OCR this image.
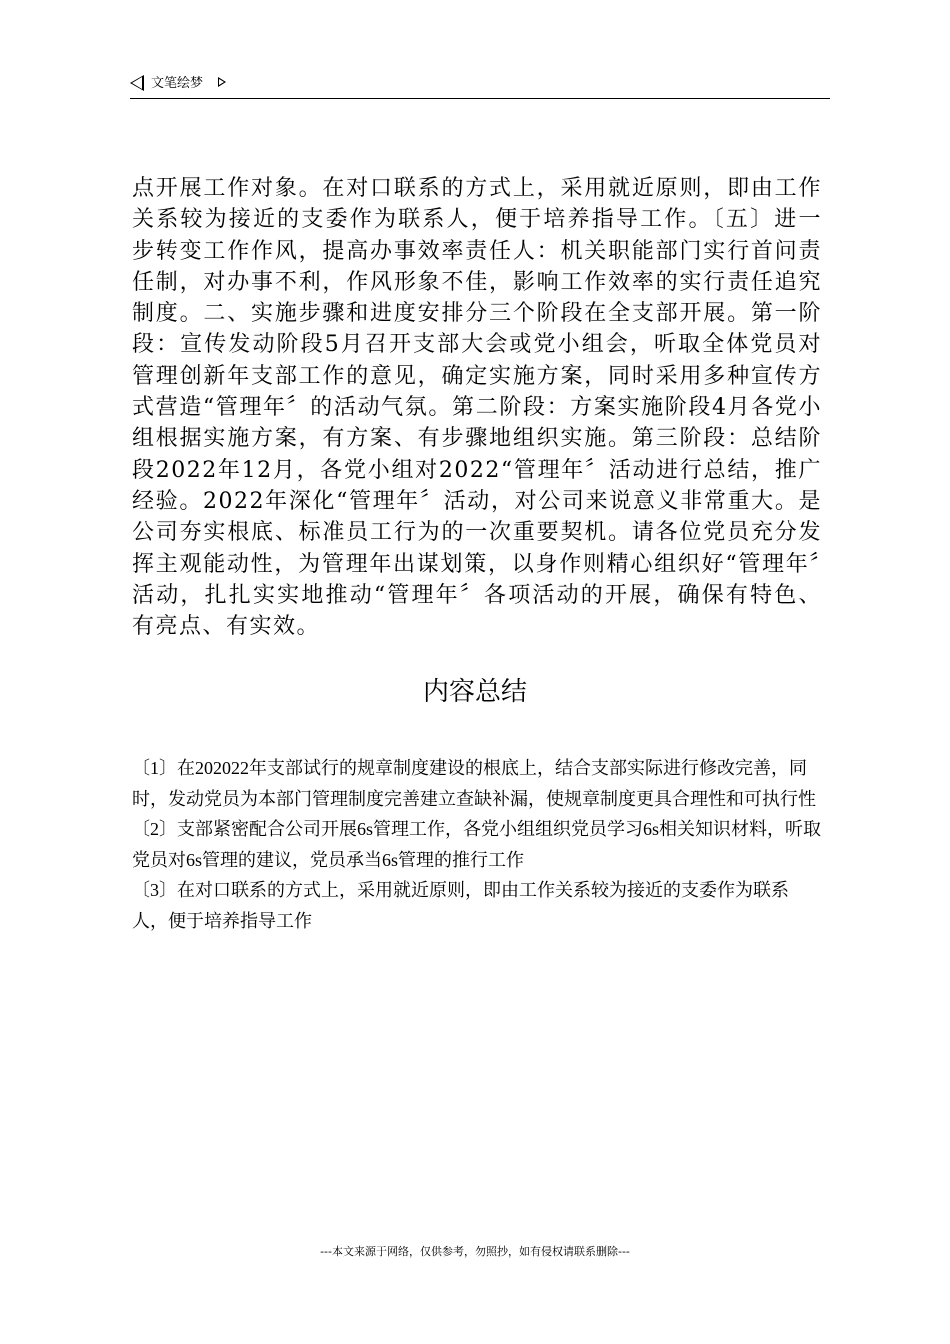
文笔绘梦

点开展工作对象。在对口联系的方式上，采用就近原则，即由工作关系较为接近的支委作为联系人，便于培养指导工作。〔五〕进一步转变工作作风，提高办事效率责任人：机关职能部门实行首问责任制，对办事不利，作风形象不佳，影响工作效率的实行责任追究制度。二、实施步骤和进度安排分三个阶段在全支部开展。第一阶段：宣传发动阶段5月召开支部大会或党小组会，听取全体党员对管理创新年支部工作的意见，确定实施方案，同时采用多种宣传方式营造“管理年〞的活动气氛。第二阶段：方案实施阶段4月各党小组根据实施方案，有方案、有步骤地组织实施。第三阶段：总结阶段2022年12月，各党小组对2022“管理年〞活动进行总结，推广经验。2022年深化“管理年〞活动，对公司来说意义非常重大。是公司夯实根底、标准员工行为的一次重要契机。请各位党员充分发挥主观能动性，为管理年出谋划策，以身作则精心组织好“管理年〞活动，扎扎实实地推动“管理年〞各项活动的开展，确保有特色、有亮点、有实效。

内容总结
〔1〕在202022年支部试行的规章制度建设的根底上，结合支部实际进行修改完善，同时，发动党员为本部门管理制度完善建立查缺补漏，使规章制度更具合理性和可执行性
〔2〕支部紧密配合公司开展6s管理工作，各党小组组织党员学习6s相关知识材料，听取党员对6s管理的建议，党员承当6s管理的推行工作
〔3〕在对口联系的方式上，采用就近原则，即由工作关系较为接近的支委作为联系人，便于培养指导工作
---本文来源于网络，仅供参考，勿照抄，如有侵权请联系删除---
